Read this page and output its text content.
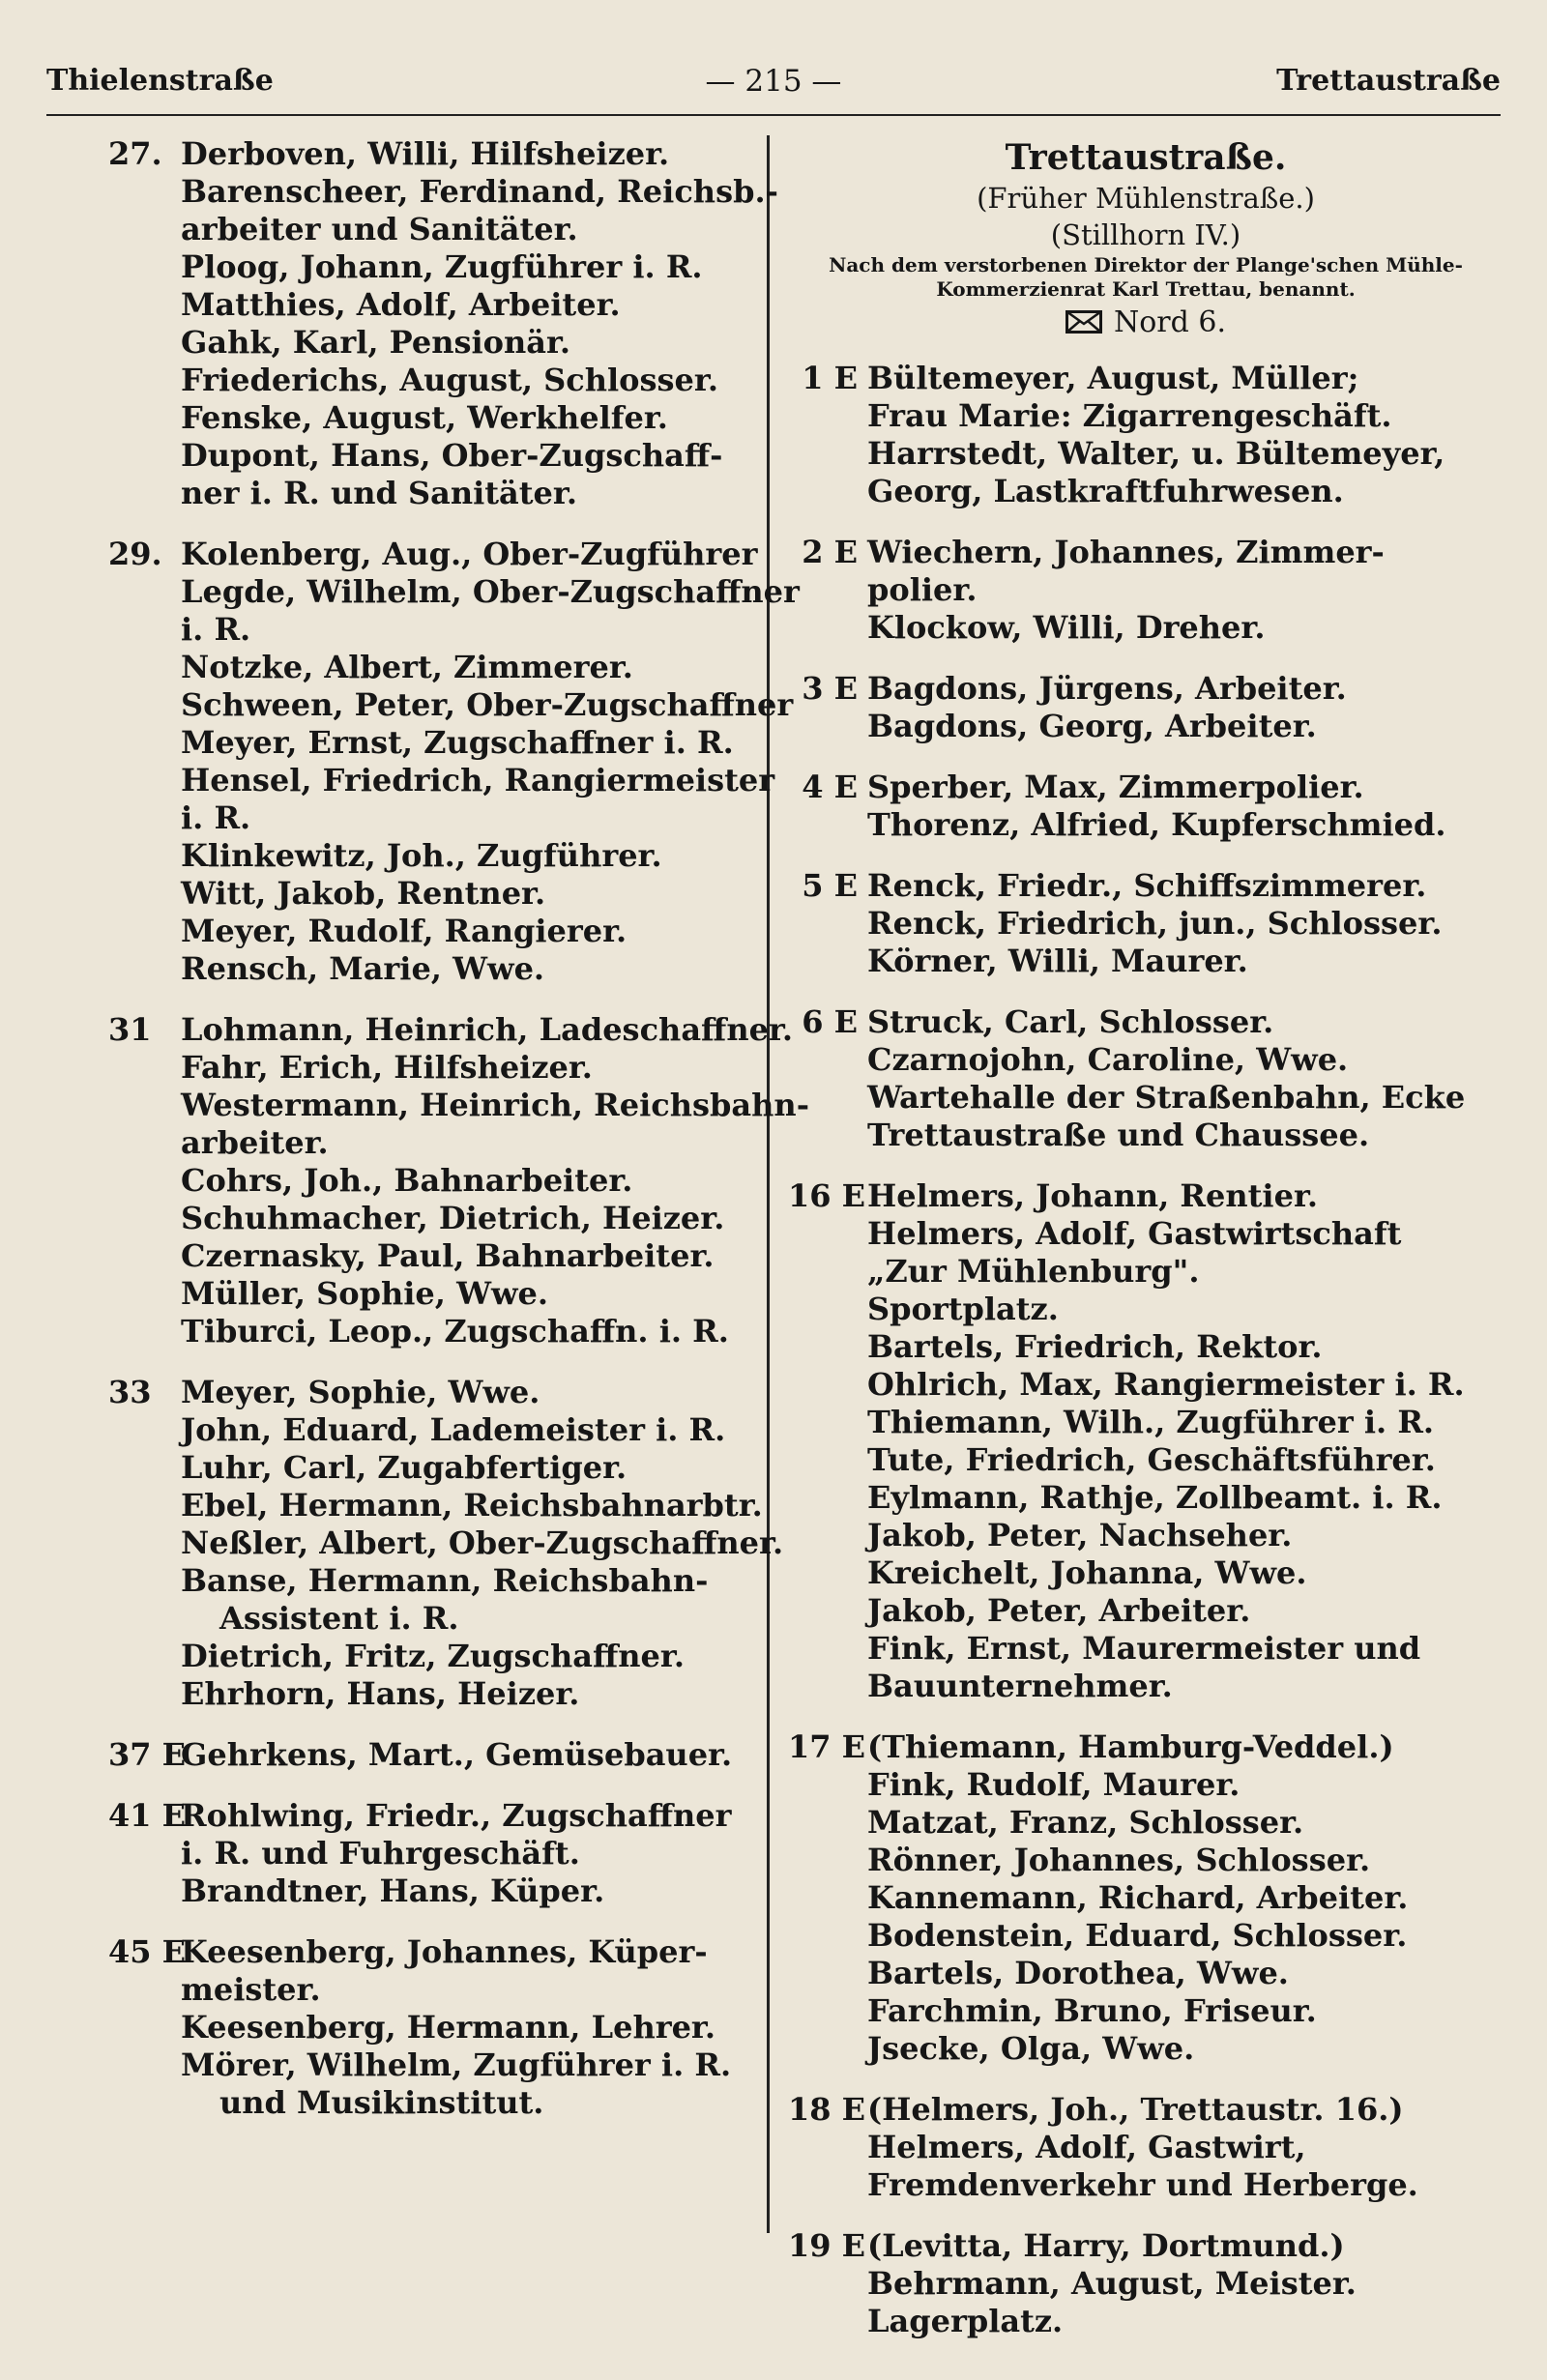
Thielenstraße	— 215 —	Trettaustraße
27. Derboven, Willi, Hilfsheizer.
Barenscheer, Ferdinand, Reichsb.-
arbeiter und Sanitäter.
Ploog, Johann, Zugführer i. R.
Matthies, Adolf, Arbeiter.
Gahk, Karl, Pensionär.
Friederichs, August, Schlosser.
Fenske, August, Werkhelfer.
Dupont, Hans, Ober-Zugschaff-
ner i. R. und Sanitäter.
29. Kolenberg, Aug., Ober-Zugführer
Legde, Wilhelm, Ober-Zugschaffner
i. R.
Notzke, Albert, Zimmerer.
Schween, Peter, Ober-Zugschaffner
Meyer, Ernst, Zugschaffner i. R.
Hensel, Friedrich, Rangiermeister
i. R.
Klinkewitz, Joh., Zugführer.
Witt, Jakob, Rentner.
Meyer, Rudolf, Rangierer.
Rensch, Marie, Wwe.
31 Lohmann, Heinrich, Ladeschaffner.
Fahr, Erich, Hilfsheizer.
Westermann, Heinrich, Reichsbahn-
arbeiter.
Cohrs, Joh., Bahnarbeiter.
Schuhmacher, Dietrich, Heizer.
Czernasky, Paul, Bahnarbeiter.
Müller, Sophie, Wwe.
Tiburci, Leop., Zugschaffn. i. R.
33 Meyer, Sophie, Wwe.
John, Eduard, Lademeister i. R.
Luhr, Carl, Zugabfertiger.
Ebel, Hermann, Reichsbahnarbtr.
Neßler, Albert, Ober-Zugschaffner.
Banse, Hermann, Reichsbahn-
Assistent i. R.
Dietrich, Fritz, Zugschaffner.
Ehrhorn, Hans, Heizer.
37 EGehrkens, Mart., Gemüsebauer.
41 ERohlwing, Friedr., Zugschaffner
i. R. und Fuhrgeschäft.
Brandtner, Hans, Küper.
45 EKeesenberg, Johannes, Küper-
meister.
Keesenberg, Hermann, Lehrer.
Mörer, Wilhelm, Zugführer i. R.
und Musikinstitut.
Trettaustraße.
(Früher Mühlenstraße.)
(Stillhorn IV.)
Nach dem verstorbenen Direktor der Plange'schen Mühle-
Kommerzienrat Karl Trettau, benannt.
Nord 6.
1 E Bültemeyer, August, Müller;
Frau Marie: Zigarrengeschäft.
Harrstedt, Walter, u. Bültemeyer,
Georg, Lastkraftfuhrwesen.
2 E Wiechern, Johannes, Zimmer-
polier.
Klockow, Willi, Dreher.
3 E Bagdons, Jürgens, Arbeiter.
Bagdons, Georg, Arbeiter.
4 E Sperber, Max, Zimmerpolier.
Thorenz, Alfried, Kupferschmied.
5 E Renck, Friedr., Schiffszimmerer.
Renck, Friedrich, jun., Schlosser.
Körner, Willi, Maurer.
6 E Struck, Carl, Schlosser.
Czarnojohn, Caroline, Wwe.
Wartehalle der Straßenbahn, Ecke
Trettaustraße und Chaussee.
16 EHelmers, Johann, Rentier.
Helmers, Adolf, Gastwirtschaft
„Zur Mühlenburg".
Sportplatz.
Bartels, Friedrich, Rektor.
Ohlrich, Max, Rangiermeister i. R.
Thiemann, Wilh., Zugführer i. R.
Tute, Friedrich, Geschäftsführer.
Eylmann, Rathje, Zollbeamt. i. R.
Jakob, Peter, Nachseher.
Kreichelt, Johanna, Wwe.
Jakob, Peter, Arbeiter.
Fink, Ernst, Maurermeister und
Bauunternehmer.
17 E(Thiemann, Hamburg-Veddel.)
Fink, Rudolf, Maurer.
Matzat, Franz, Schlosser.
Rönner, Johannes, Schlosser.
Kannemann, Richard, Arbeiter.
Bodenstein, Eduard, Schlosser.
Bartels, Dorothea, Wwe.
Farchmin, Bruno, Friseur.
Jsecke, Olga, Wwe.
18 E(Helmers, Joh., Trettaustr. 16.)
Helmers, Adolf, Gastwirt,
Fremdenverkehr und Herberge.
19 E(Levitta, Harry, Dortmund.)
Behrmann, August, Meister.
Lagerplatz.
